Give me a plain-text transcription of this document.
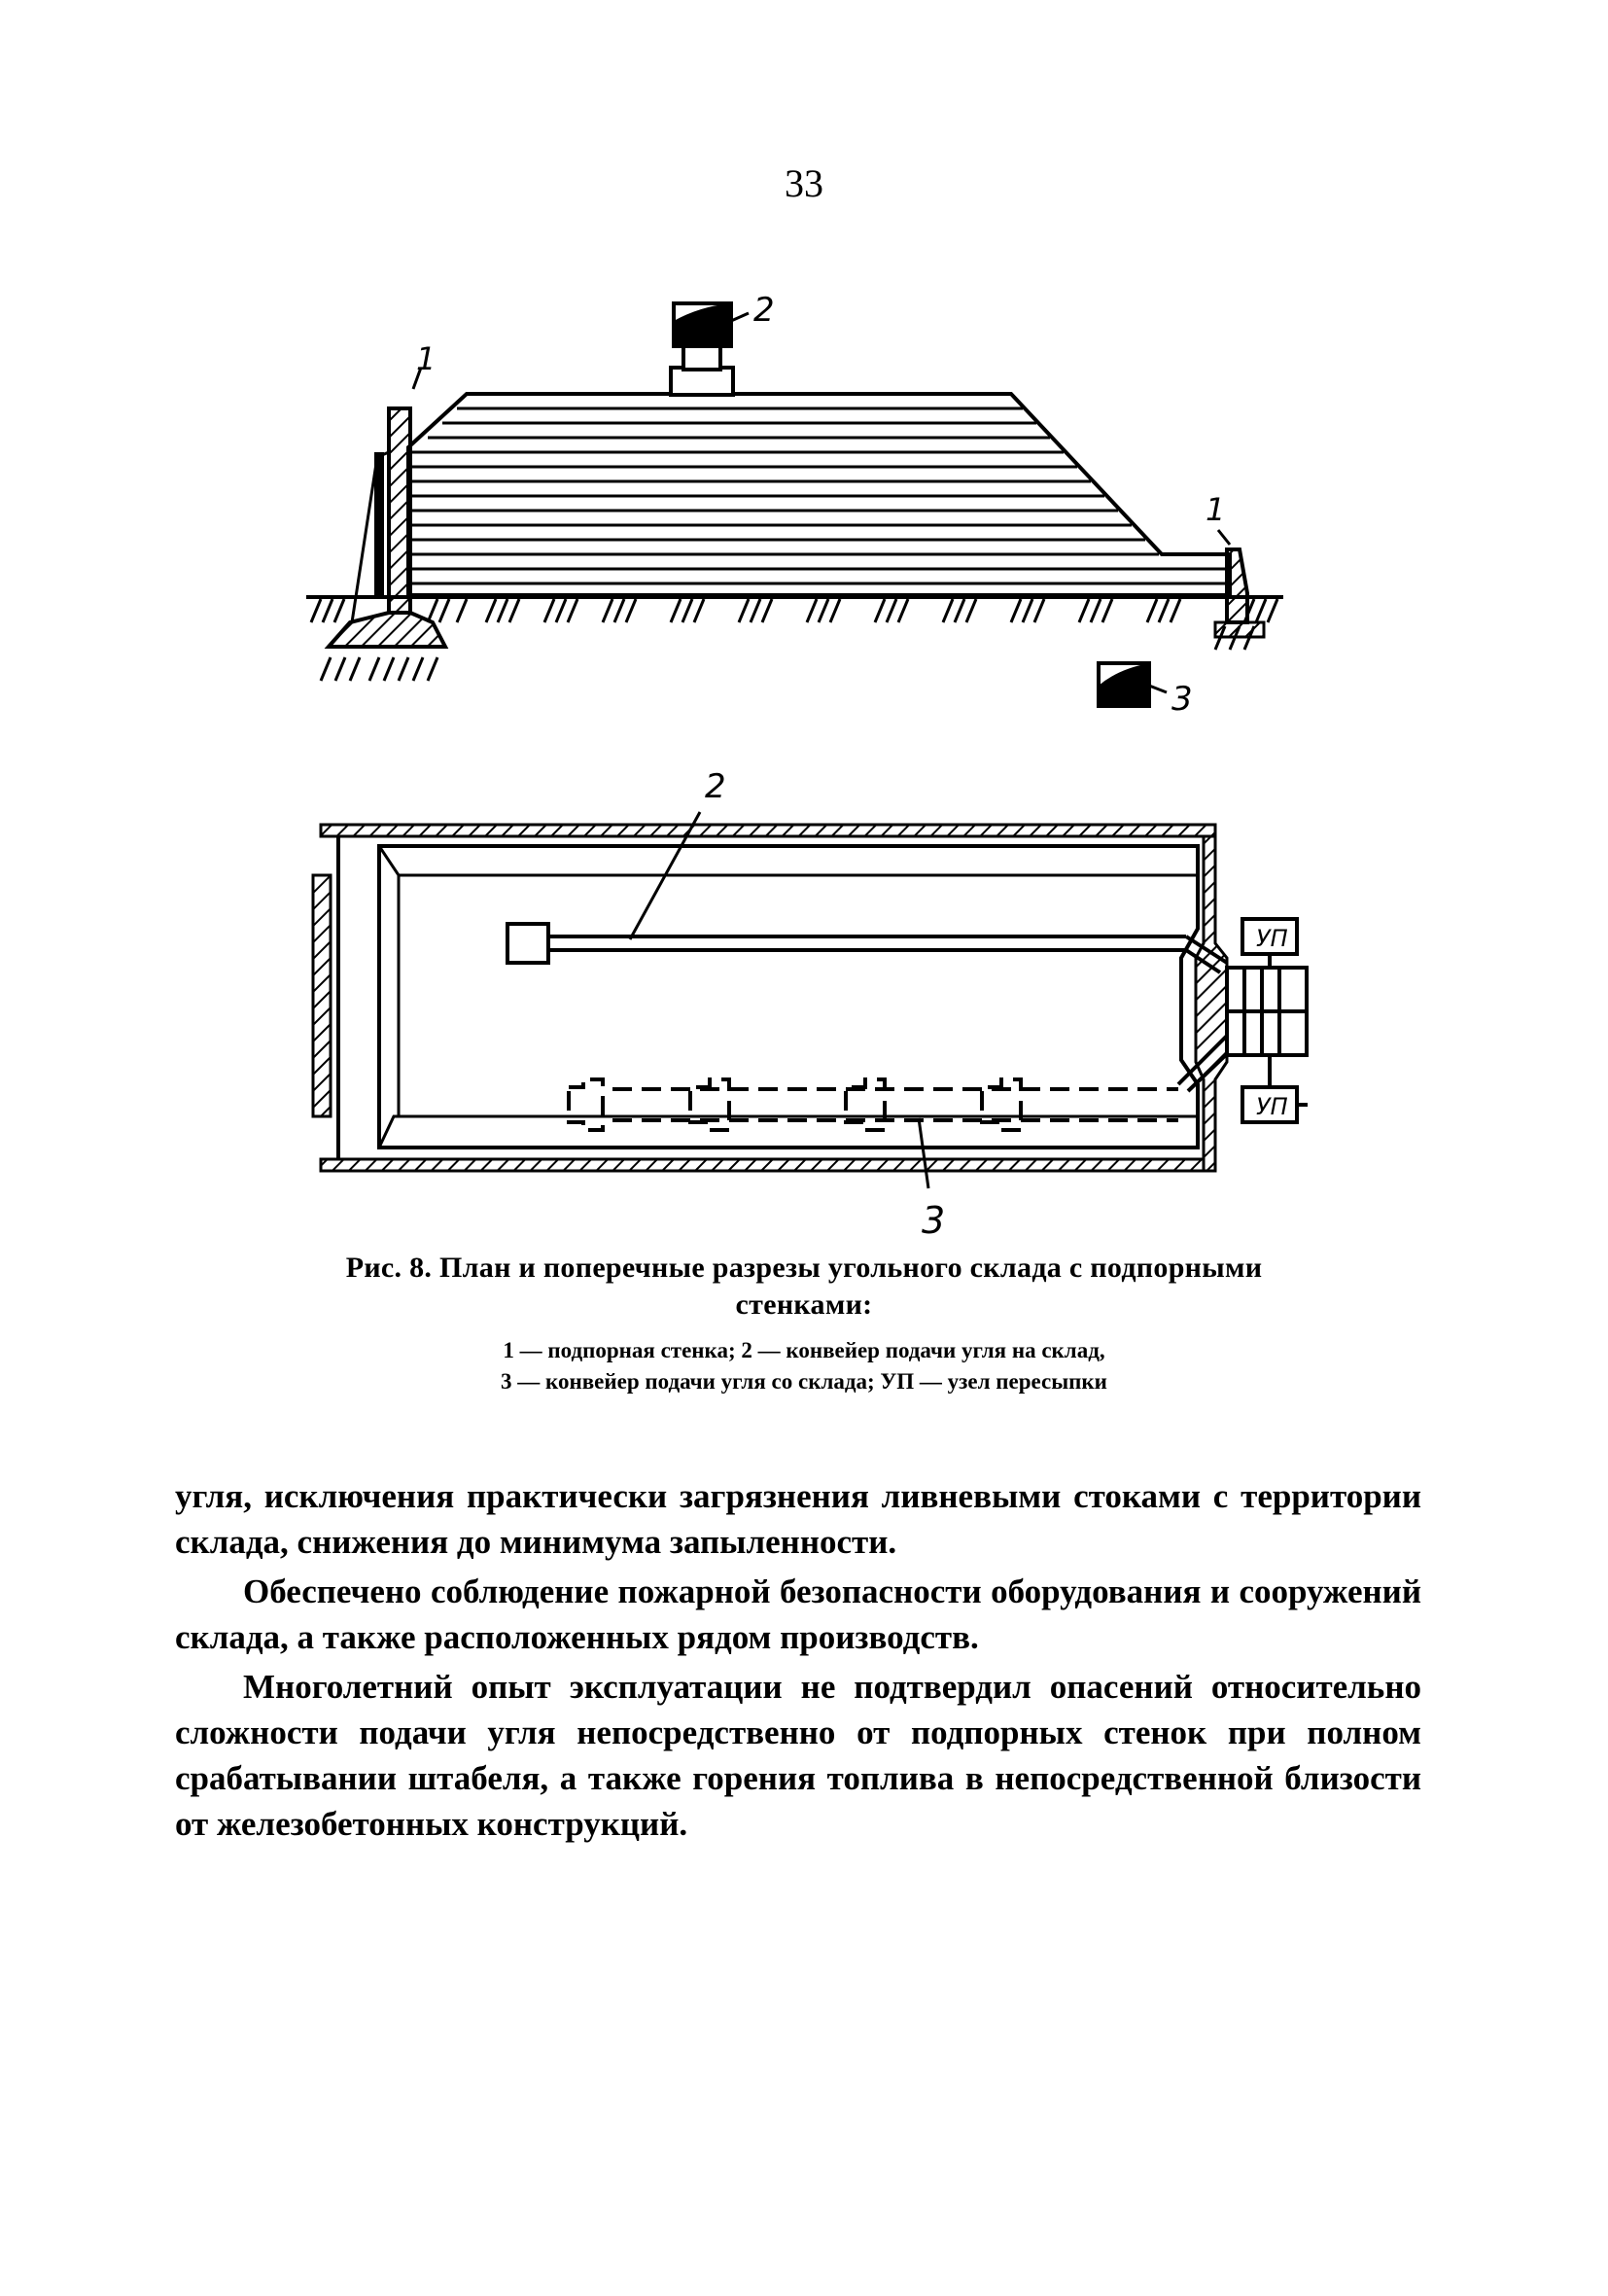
33
1
2
1
3
УП
УП
2
3
Рис. 8. План и поперечные разрезы угольного склада с подпорными стенками:
1 — подпорная стенка; 2 — конвейер подачи угля на склад,
3 — конвейер подачи угля со склада; УП — узел пересыпки

угля, исключения практически загрязнения ливневыми стоками с территории склада, снижения до минимума запыленности.

Обеспечено соблюдение пожарной безопасности оборудования и сооружений склада, а также расположенных рядом производств.

Многолетний опыт эксплуатации не подтвердил опасений относительно сложности подачи угля непосредственно от подпорных стенок при полном срабатывании штабеля, а также горения топлива в непосредственной близости от железобетонных конструкций.
